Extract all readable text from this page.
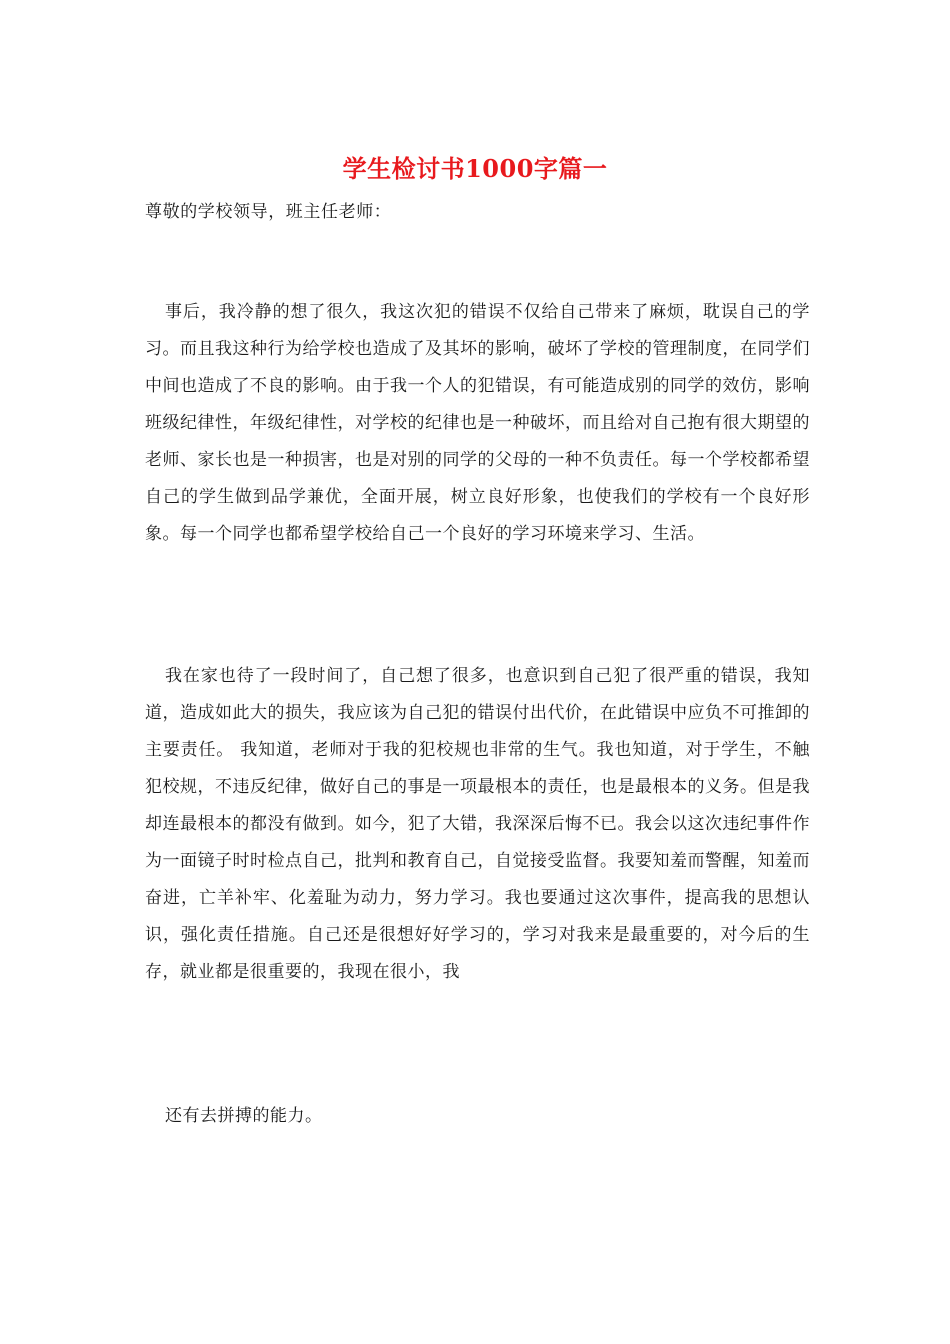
学生检讨书1000字篇一
尊敬的学校领导，班主任老师：

事后，我冷静的想了很久，我这次犯的错误不仅给自己带来了麻烦，耽误自己的学习。而且我这种行为给学校也造成了及其坏的影响，破坏了学校的管理制度，在同学们中间也造成了不良的影响。由于我一个人的犯错误，有可能造成别的同学的效仿，影响班级纪律性，年级纪律性，对学校的纪律也是一种破坏，而且给对自己抱有很大期望的老师、家长也是一种损害，也是对别的同学的父母的一种不负责任。每一个学校都希望自己的学生做到品学兼优，全面开展，树立良好形象，也使我们的学校有一个良好形象。每一个同学也都希望学校给自己一个良好的学习环境来学习、生活。

我在家也待了一段时间了，自己想了很多，也意识到自己犯了很严重的错误，我知道，造成如此大的损失，我应该为自己犯的错误付出代价，在此错误中应负不可推卸的主要责任。 我知道，老师对于我的犯校规也非常的生气。我也知道，对于学生，不触犯校规，不违反纪律，做好自己的事是一项最根本的责任，也是最根本的义务。但是我却连最根本的都没有做到。如今，犯了大错，我深深后悔不已。我会以这次违纪事件作为一面镜子时时检点自己，批判和教育自己，自觉接受监督。我要知羞而警醒，知羞而奋进，亡羊补牢、化羞耻为动力，努力学习。我也要通过这次事件，提高我的思想认识，强化责任措施。自己还是很想好好学习的，学习对我来是最重要的，对今后的生存，就业都是很重要的，我现在很小，我

还有去拼搏的能力。
